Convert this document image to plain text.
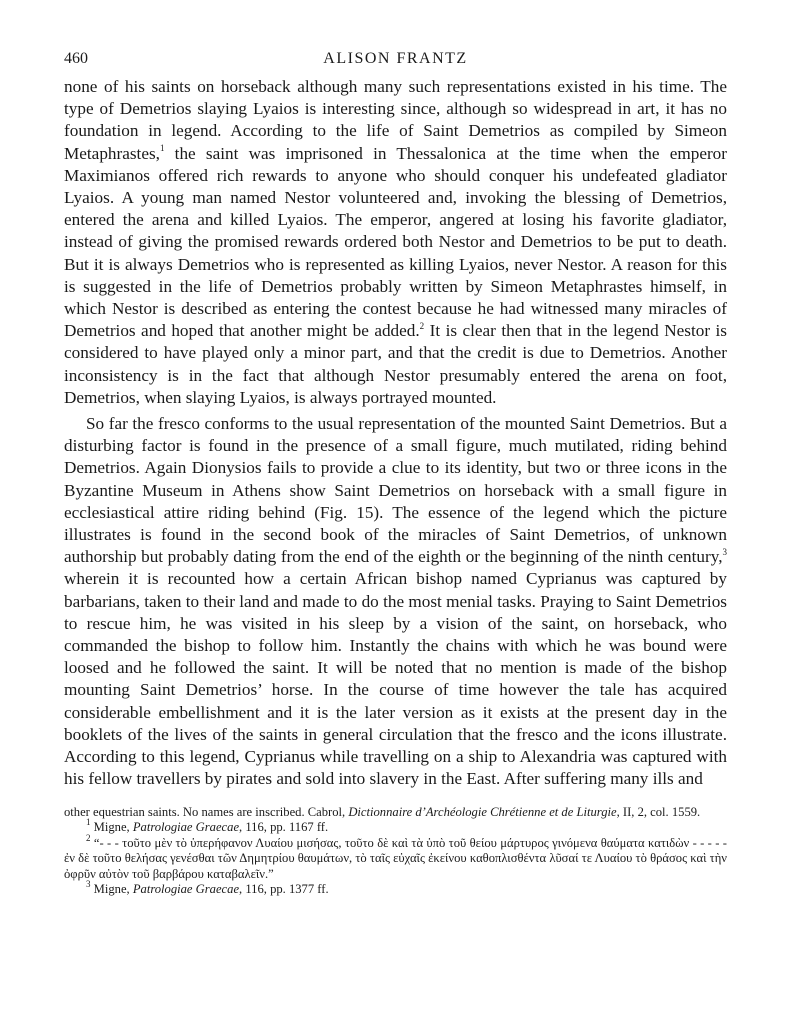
460	ALISON FRANTZ

none of his saints on horseback although many such representations existed in his time. The type of Demetrios slaying Lyaios is interesting since, although so widespread in art, it has no foundation in legend. According to the life of Saint Demetrios as compiled by Simeon Metaphrastes,$^1$ the saint was imprisoned in Thessalonica at the time when the emperor Maximianos offered rich rewards to anyone who should conquer his undefeated gladiator Lyaios. A young man named Nestor volunteered and, invoking the blessing of Demetrios, entered the arena and killed Lyaios. The emperor, angered at losing his favorite gladiator, instead of giving the promised rewards ordered both Nestor and Demetrios to be put to death. But it is always Demetrios who is represented as killing Lyaios, never Nestor. A reason for this is suggested in the life of Demetrios probably written by Simeon Metaphrastes himself, in which Nestor is described as entering the contest because he had witnessed many miracles of Demetrios and hoped that another might be added.$^2$ It is clear then that in the legend Nestor is considered to have played only a minor part, and that the credit is due to Demetrios. Another inconsistency is in the fact that although Nestor presumably entered the arena on foot, Demetrios, when slaying Lyaios, is always portrayed mounted.

So far the fresco conforms to the usual representation of the mounted Saint Demetrios. But a disturbing factor is found in the presence of a small figure, much mutilated, riding behind Demetrios. Again Dionysios fails to provide a clue to its identity, but two or three icons in the Byzantine Museum in Athens show Saint Demetrios on horseback with a small figure in ecclesiastical attire riding behind (Fig. 15). The essence of the legend which the picture illustrates is found in the second book of the miracles of Saint Demetrios, of unknown authorship but probably dating from the end of the eighth or the beginning of the ninth century,$^3$ wherein it is recounted how a certain African bishop named Cyprianus was captured by barbarians, taken to their land and made to do the most menial tasks. Praying to Saint Demetrios to rescue him, he was visited in his sleep by a vision of the saint, on horseback, who commanded the bishop to follow him. Instantly the chains with which he was bound were loosed and he followed the saint. It will be noted that no mention is made of the bishop mounting Saint Demetrios’ horse. In the course of time however the tale has acquired considerable embellishment and it is the later version as it exists at the present day in the booklets of the lives of the saints in general circulation that the fresco and the icons illustrate. According to this legend, Cyprianus while travelling on a ship to Alexandria was captured with his fellow travellers by pirates and sold into slavery in the East. After suffering many ills and

other equestrian saints. No names are inscribed. Cabrol, Dictionnaire d’Archéologie Chrétienne et de Liturgie, II, 2, col. 1559.

$^1$ Migne, Patrologiae Graecae, 116, pp. 1167 ff.

$^2$ “- - - τοῦτο μὲν τὸ ὑπερήφανον Λυαίου μισήσας, τοῦτο δὲ καὶ τὰ ὑπὸ τοῦ θείου μάρτυρος γινόμενα θαύματα κατιδὼν - - - - - ἐν δὲ τοῦτο θελήσας γενέσθαι τῶν Δημητρίου θαυμάτων, τὸ ταῖς εὐχαῖς ἐκείνου καθοπλισθέντα λῦσαί τε Λυαίου τὸ θράσος καὶ τὴν ὀφρῦν αὐτὸν τοῦ βαρβάρου καταβαλεῖν.”

$^3$ Migne, Patrologiae Graecae, 116, pp. 1377 ff.
